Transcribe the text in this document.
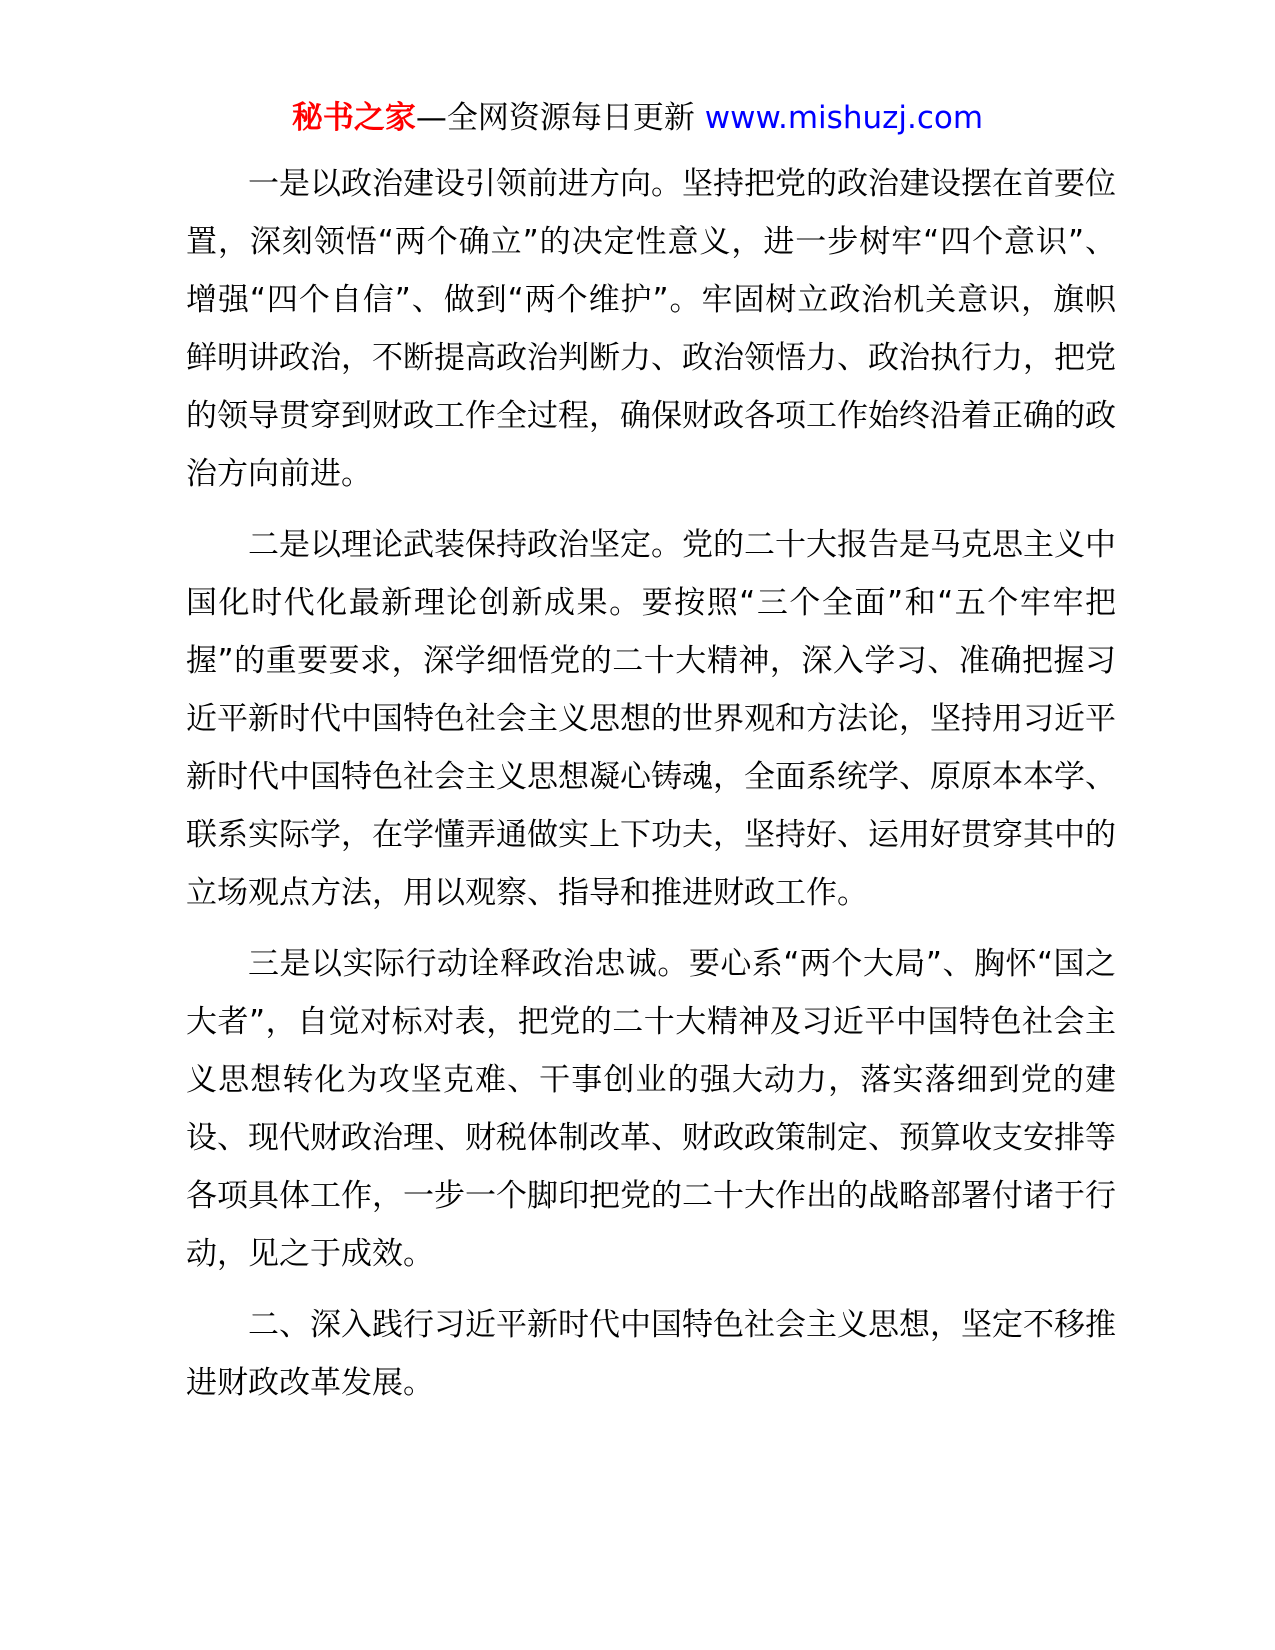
秘书之家—全网资源每日更新 www.mishuzj.com

一是以政治建设引领前进方向。坚持把党的政治建设摆在首要位置，深刻领悟“两个确立”的决定性意义，进一步树牢“四个意识”、增强“四个自信”、做到“两个维护”。牢固树立政治机关意识，旗帜鲜明讲政治，不断提高政治判断力、政治领悟力、政治执行力，把党的领导贯穿到财政工作全过程，确保财政各项工作始终沿着正确的政治方向前进。

二是以理论武装保持政治坚定。党的二十大报告是马克思主义中国化时代化最新理论创新成果。要按照“三个全面”和“五个牢牢把握”的重要要求，深学细悟党的二十大精神，深入学习、准确把握习近平新时代中国特色社会主义思想的世界观和方法论，坚持用习近平新时代中国特色社会主义思想凝心铸魂，全面系统学、原原本本学、联系实际学，在学懂弄通做实上下功夫，坚持好、运用好贯穿其中的立场观点方法，用以观察、指导和推进财政工作。

三是以实际行动诠释政治忠诚。要心系“两个大局”、胸怀“国之大者”，自觉对标对表，把党的二十大精神及习近平中国特色社会主义思想转化为攻坚克难、干事创业的强大动力，落实落细到党的建设、现代财政治理、财税体制改革、财政政策制定、预算收支安排等各项具体工作，一步一个脚印把党的二十大作出的战略部署付诸于行动，见之于成效。

二、深入践行习近平新时代中国特色社会主义思想，坚定不移推进财政改革发展。
